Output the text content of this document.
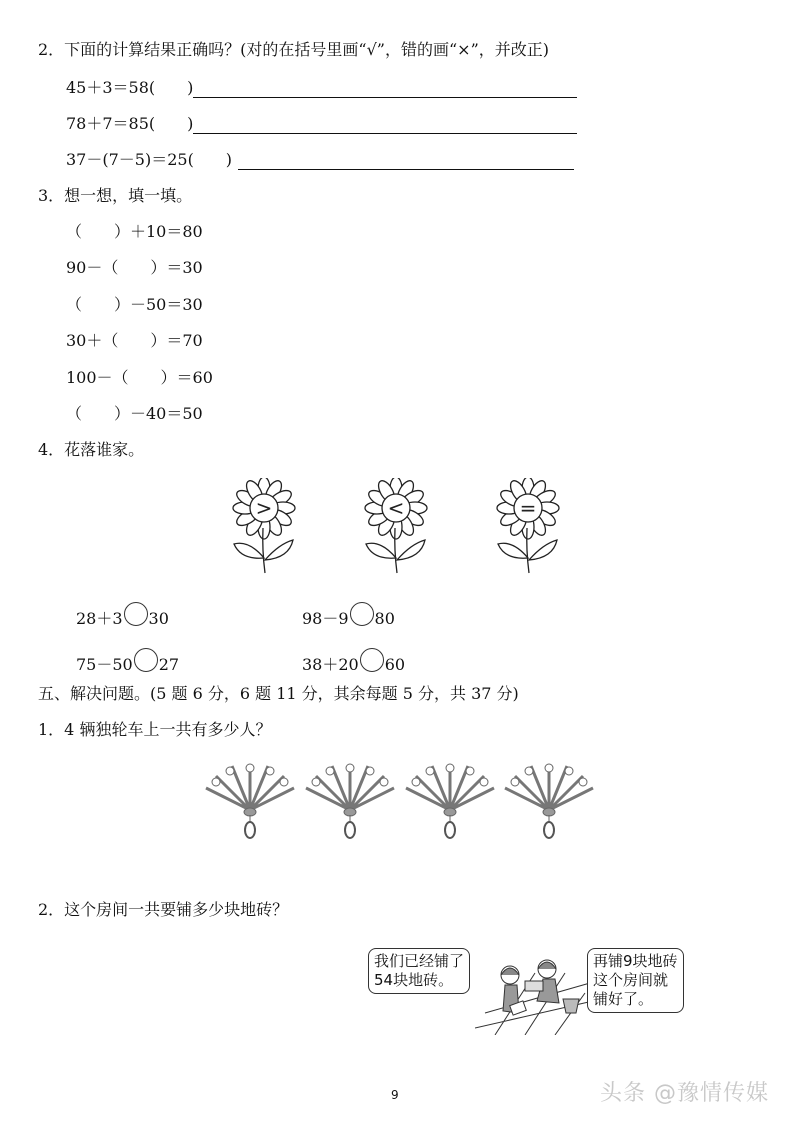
2．下面的计算结果正确吗？(对的在括号里画“√”，错的画“×”，并改正)
45＋3＝58(　　)
78＋7＝85(　　)
37－(7－5)＝25(　　)
3．想一想，填一填。
（　　）＋10＝80
90－（　　）＝30
（　　）－50＝30
30＋（　　）＝70
100－（　　）＝60
（　　）－40＝50
4．花落谁家。
>	<	=
28＋3 30	98－9 80
75－50 27	38＋20 60
五、解决问题。(5 题 6 分，6 题 11 分，其余每题 5 分，共 37 分)
1．4 辆独轮车上一共有多少人？
2．这个房间一共要铺多少块地砖？
我们已经铺了
54块地砖。
再铺9块地砖
这个房间就
铺好了。
9	头条 @豫情传媒
